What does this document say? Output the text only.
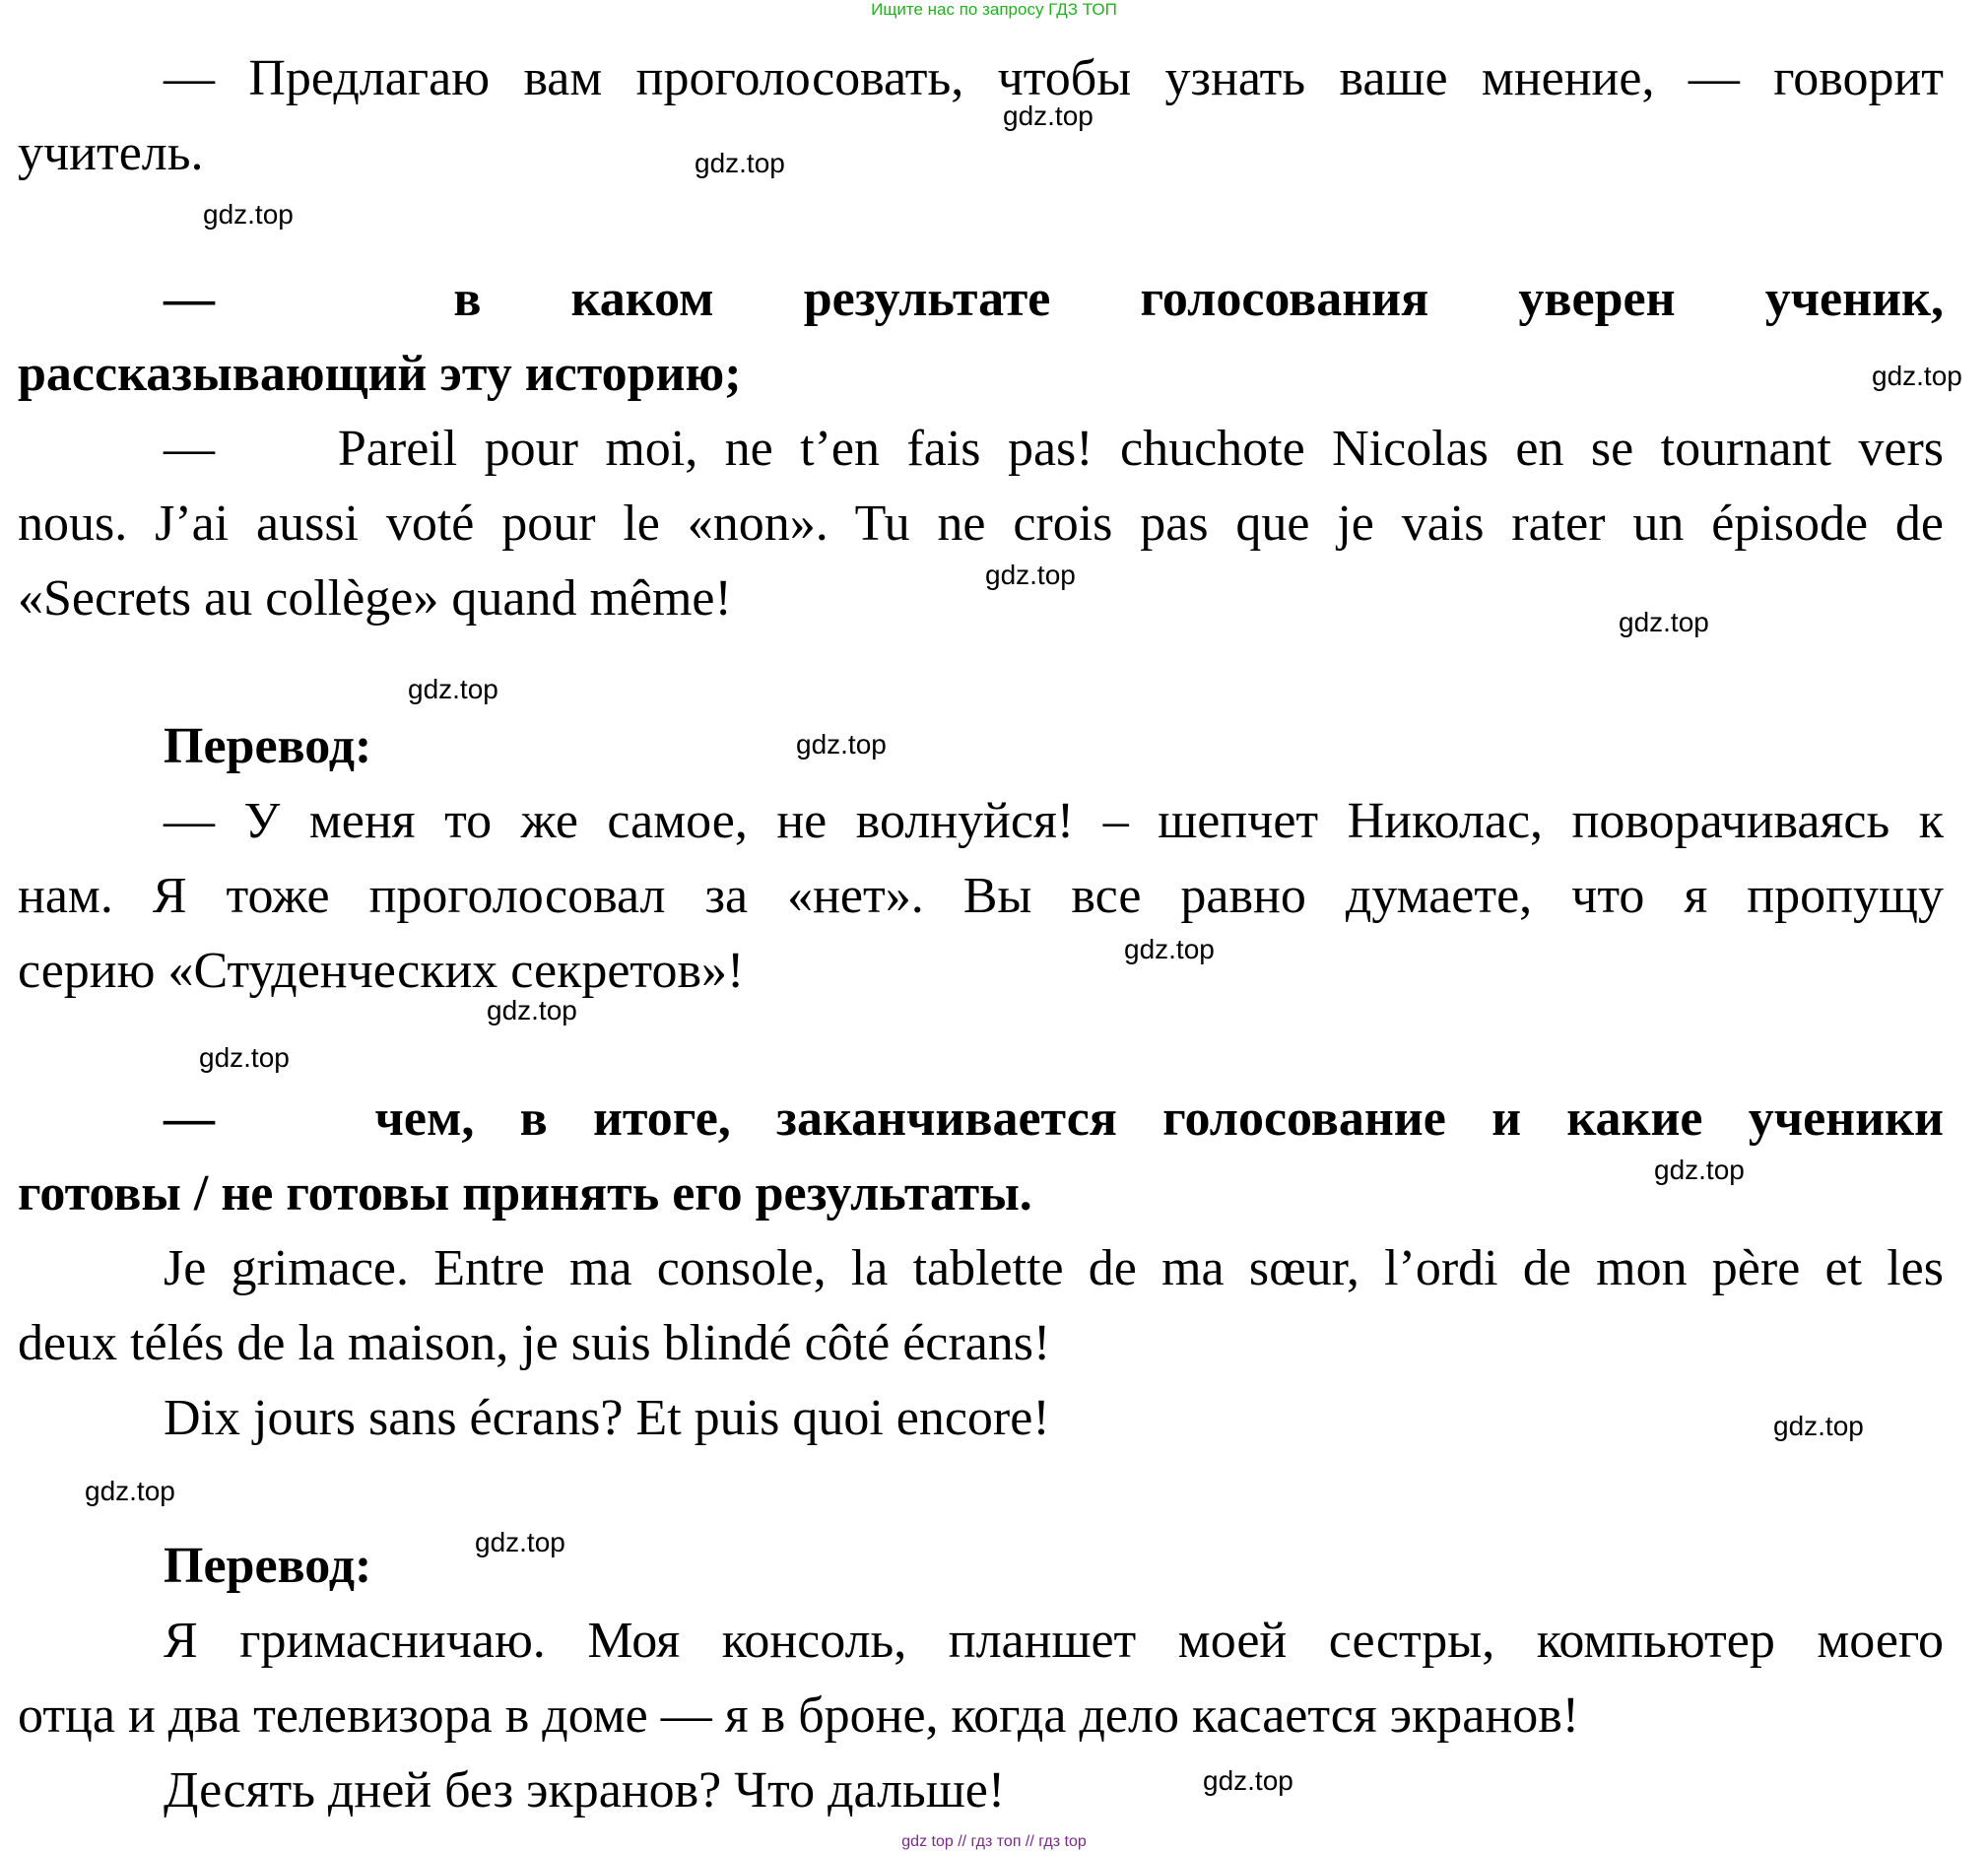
Ищите нас по запросу ГДЗ ТОП
— Предлагаю вам проголосовать, чтобы узнать ваше мнение, — говорит
учитель.
—	в каком результате голосования уверен ученик,
рассказывающий эту историю;
— Pareil pour moi, ne t’en fais pas! chuchote Nicolas en se tournant vers
nous. J’ai aussi voté pour le «non». Tu ne crois pas que je vais rater un épisode de
«Secrets au collège» quand même!
Перевод:
— У меня то же самое, не волнуйся! – шепчет Николас, поворачиваясь к
нам. Я тоже проголосовал за «нет». Вы все равно думаете, что я пропущу
серию «Студенческих секретов»!
—	чем, в итоге, заканчивается голосование и какие ученики
готовы / не готовы принять его результаты.
Je grimace. Entre ma console, la tablette de ma sœur, l’ordi de mon père et les
deux télés de la maison, je suis blindé côté écrans!
Dix jours sans écrans? Et puis quoi encore!
Перевод:
Я гримасничаю. Моя консоль, планшет моей сестры, компьютер моего
отца и два телевизора в доме — я в броне, когда дело касается экранов!
Десять дней без экранов? Что дальше!
gdz.top
gdz.top
gdz.top
gdz.top
gdz.top
gdz.top
gdz.top
gdz.top
gdz.top
gdz.top
gdz.top
gdz.top
gdz.top
gdz.top
gdz.top
gdz.top
gdz top // гдз топ // гдз top
